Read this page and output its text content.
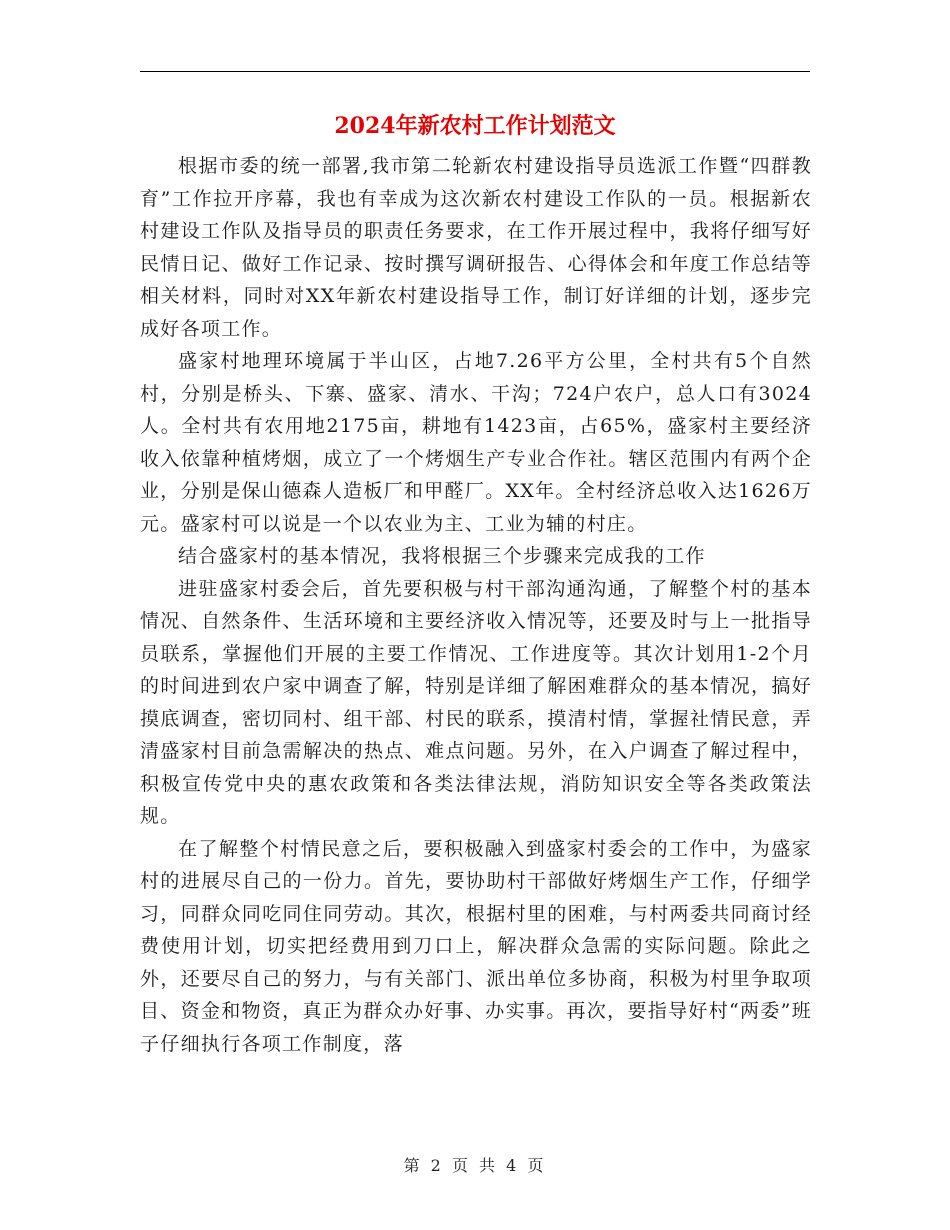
2024年新农村工作计划范文

根据市委的统一部署,我市第二轮新农村建设指导员选派工作暨“四群教育”工作拉开序幕，我也有幸成为这次新农村建设工作队的一员。根据新农村建设工作队及指导员的职责任务要求，在工作开展过程中，我将仔细写好民情日记、做好工作记录、按时撰写调研报告、心得体会和年度工作总结等相关材料，同时对XX年新农村建设指导工作，制订好详细的计划，逐步完成好各项工作。

盛家村地理环境属于半山区，占地7.26平方公里，全村共有5个自然村，分别是桥头、下寨、盛家、清水、干沟；724户农户，总人口有3024人。全村共有农用地2175亩，耕地有1423亩，占65%，盛家村主要经济收入依靠种植烤烟，成立了一个烤烟生产专业合作社。辖区范围内有两个企业，分别是保山德森人造板厂和甲醛厂。XX年。全村经济总收入达1626万元。盛家村可以说是一个以农业为主、工业为辅的村庄。

结合盛家村的基本情况，我将根据三个步骤来完成我的工作

进驻盛家村委会后，首先要积极与村干部沟通沟通，了解整个村的基本情况、自然条件、生活环境和主要经济收入情况等，还要及时与上一批指导员联系，掌握他们开展的主要工作情况、工作进度等。其次计划用1-2个月的时间进到农户家中调查了解，特别是详细了解困难群众的基本情况，搞好摸底调查，密切同村、组干部、村民的联系，摸清村情，掌握社情民意，弄清盛家村目前急需解决的热点、难点问题。另外，在入户调查了解过程中，积极宣传党中央的惠农政策和各类法律法规，消防知识安全等各类政策法规。

在了解整个村情民意之后，要积极融入到盛家村委会的工作中，为盛家村的进展尽自己的一份力。首先，要协助村干部做好烤烟生产工作，仔细学习，同群众同吃同住同劳动。其次，根据村里的困难，与村两委共同商讨经费使用计划，切实把经费用到刀口上，解决群众急需的实际问题。除此之外，还要尽自己的努力，与有关部门、派出单位多协商，积极为村里争取项目、资金和物资，真正为群众办好事、办实事。再次，要指导好村“两委”班子仔细执行各项工作制度，落

第 2 页 共 4 页
